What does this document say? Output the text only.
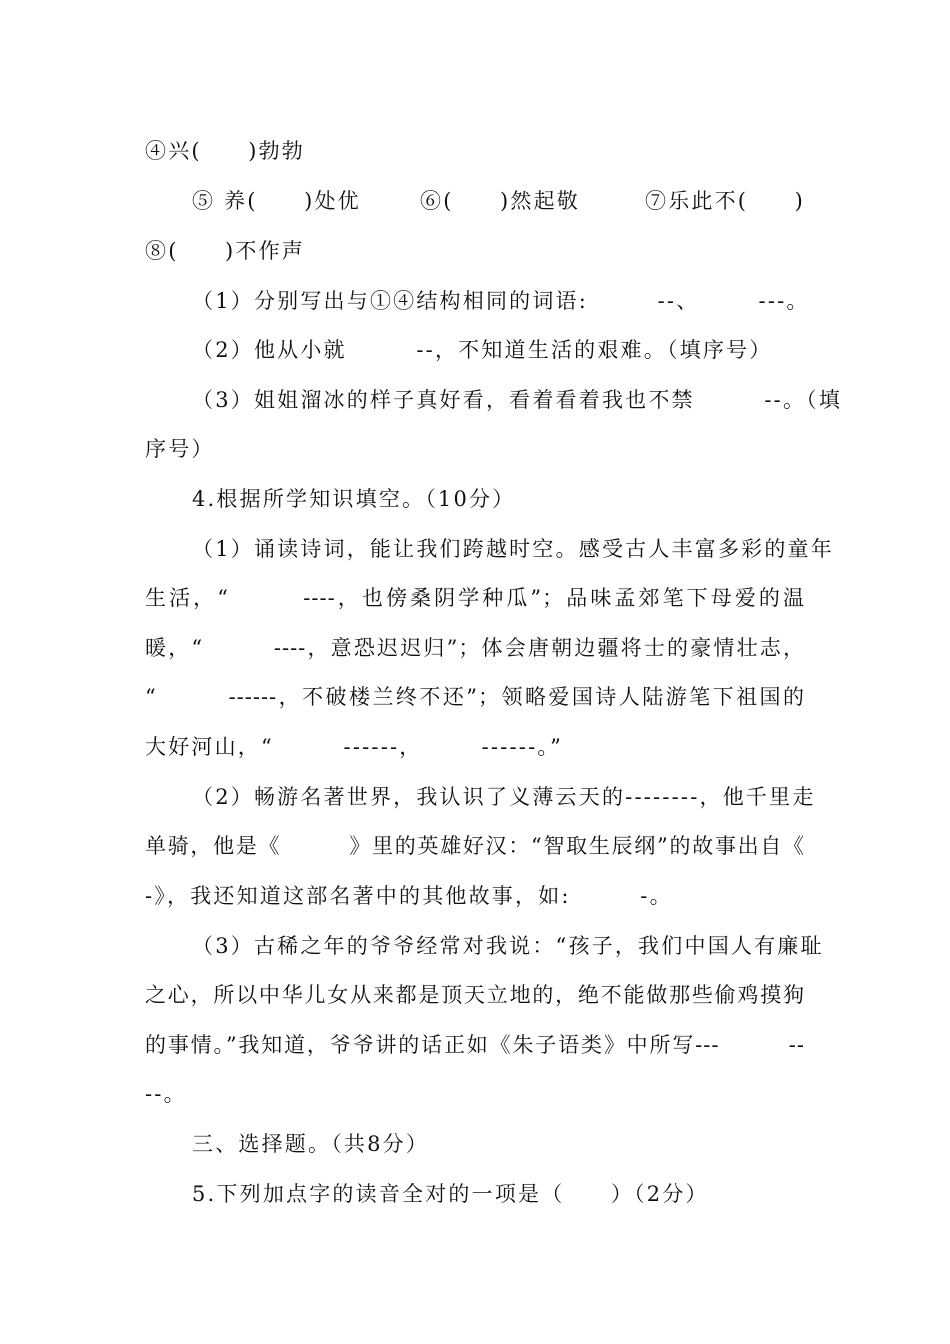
④兴(　　)勃勃
⑤ 养(　　)处优	⑥(　　)然起敬	⑦乐此不(　　)
⑧(　　)不作声
（1）分别写出与①④结构相同的词语:　　　--、　　　---。
（2）他从小就　　　--，不知道生活的艰难。（填序号）
（3）姐姐溜冰的样子真好看，看着看着我也不禁　　　--。（填
序号）
4.根据所学知识填空。（10分）
（1）诵读诗词，能让我们跨越时空。感受古人丰富多彩的童年
生活，“　　　----，也傍桑阴学种瓜”；品味孟郊笔下母爱的温
暖，“　　　----，意恐迟迟归”；体会唐朝边疆将士的豪情壮志，
“　　　------，不破楼兰终不还”；领略爱国诗人陆游笔下祖国的
大好河山，“　　　------，　　　------。”
（2）畅游名著世界，我认识了义薄云天的--------，他千里走
单骑，他是《　　　》里的英雄好汉：“智取生辰纲”的故事出自《
-》，我还知道这部名著中的其他故事，如:　　　-。
（3）古稀之年的爷爷经常对我说：“孩子，我们中国人有廉耻
之心，所以中华儿女从来都是顶天立地的，绝不能做那些偷鸡摸狗
的事情。”我知道，爷爷讲的话正如《朱子语类》中所写---　　　--
--。
三、选择题。（共8分）
5.下列加点字的读音全对的一项是（　　）（2分）
